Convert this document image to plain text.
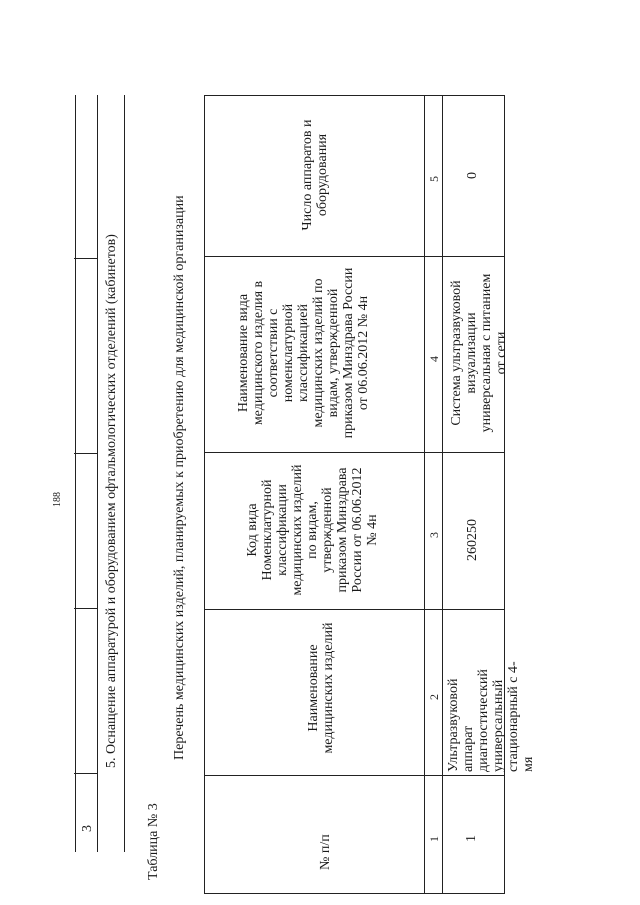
188
3
5. Оснащение аппаратурой и оборудованием офтальмологических отделений (кабинетов)
Таблица № 3
Перечень медицинских изделий, планируемых к приобретению для медицинской организации
№ п/п
Наименование медицинских изделий
Код вида Номенклатурной классификации медицинских изделий по видам, утвержденной приказом Минздрава России от 06.06.2012 № 4н
Наименование вида медицинского изделия в соответствии с номенклатурной классификацией медицинских изделий по видам, утвержденной приказом Минздрава России от 06.06.2012 № 4н
Число аппаратов и оборудования
1
2
3
4
5
1
Ультразвуковой аппарат диагностический универсальный стационарный с 4-мя
260250
Система ультразвуковой визуализации универсальная с питанием от сети
0
